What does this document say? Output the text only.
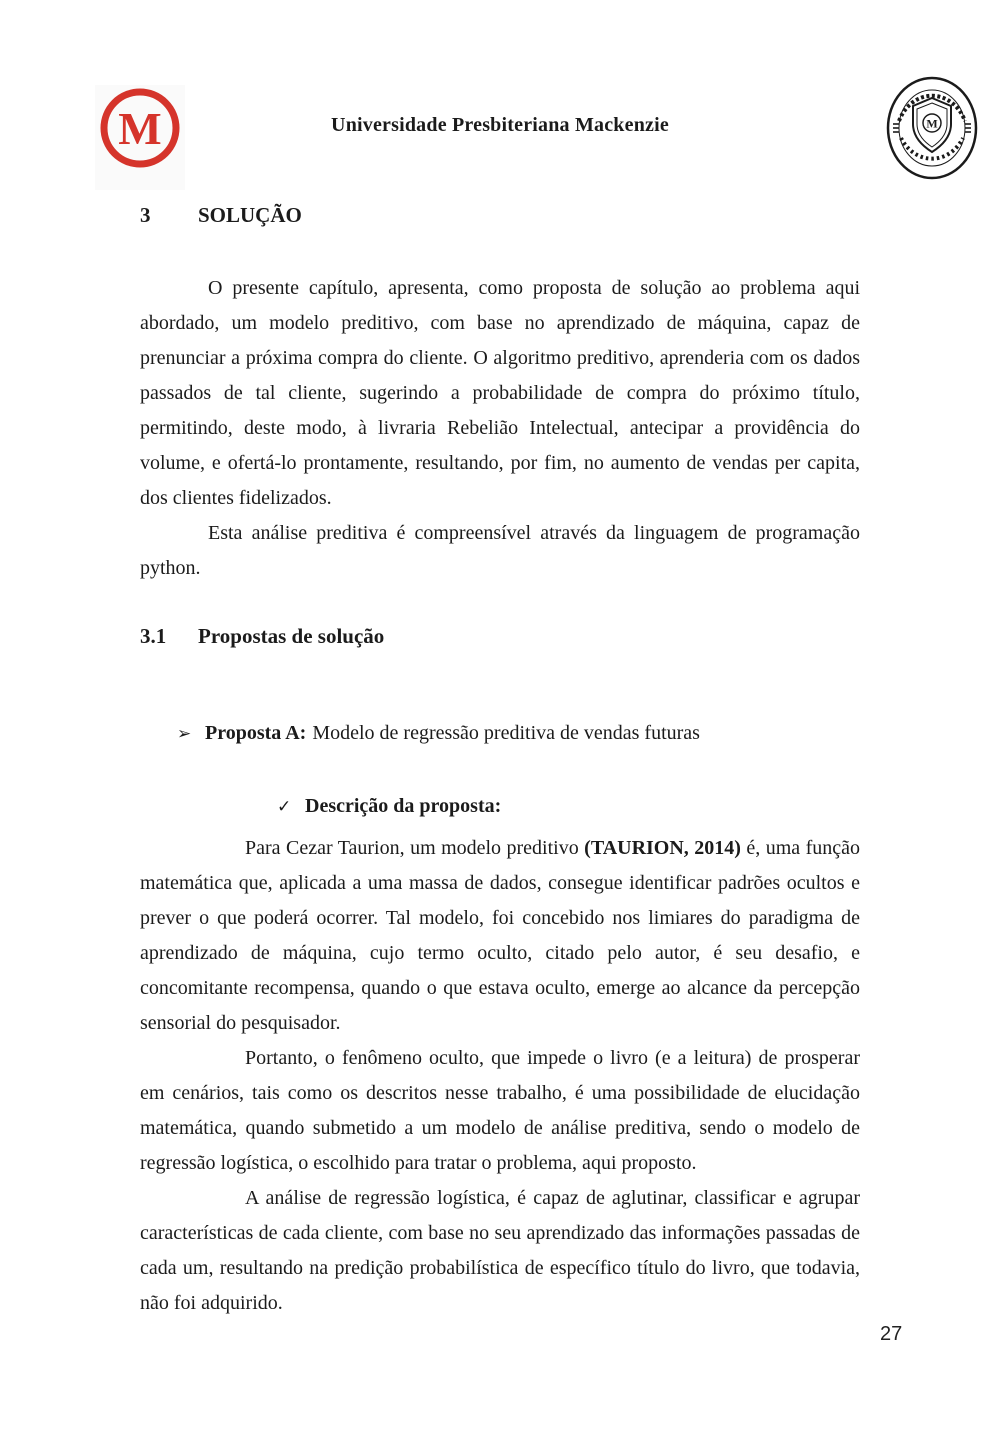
M	Universidade Presbiteriana Mackenzie	M
3 SOLUÇÃO

O presente capítulo, apresenta, como proposta de solução ao problema aqui abordado, um modelo preditivo, com base no aprendizado de máquina, capaz de prenunciar a próxima compra do cliente. O algoritmo preditivo, aprenderia com os dados passados de tal cliente, sugerindo a probabilidade de compra do próximo título, permitindo, deste modo, à livraria Rebelião Intelectual, antecipar a providência do volume, e ofertá-lo prontamente, resultando, por fim, no aumento de vendas per capita, dos clientes fidelizados.

Esta análise preditiva é compreensível através da linguagem de programação python.

3.1 Propostas de solução
➢ Proposta A: Modelo de regressão preditiva de vendas futuras
✓ Descrição da proposta:

Para Cezar Taurion, um modelo preditivo (TAURION, 2014) é, uma função matemática que, aplicada a uma massa de dados, consegue identificar padrões ocultos e prever o que poderá ocorrer. Tal modelo, foi concebido nos limiares do paradigma de aprendizado de máquina, cujo termo oculto, citado pelo autor, é seu desafio, e concomitante recompensa, quando o que estava oculto, emerge ao alcance da percepção sensorial do pesquisador.

Portanto, o fenômeno oculto, que impede o livro (e a leitura) de prosperar em cenários, tais como os descritos nesse trabalho, é uma possibilidade de elucidação matemática, quando submetido a um modelo de análise preditiva, sendo o modelo de regressão logística, o escolhido para tratar o problema, aqui proposto.

A análise de regressão logística, é capaz de aglutinar, classificar e agrupar características de cada cliente, com base no seu aprendizado das informações passadas de cada um, resultando na predição probabilística de específico título do livro, que todavia, não foi adquirido.

27
